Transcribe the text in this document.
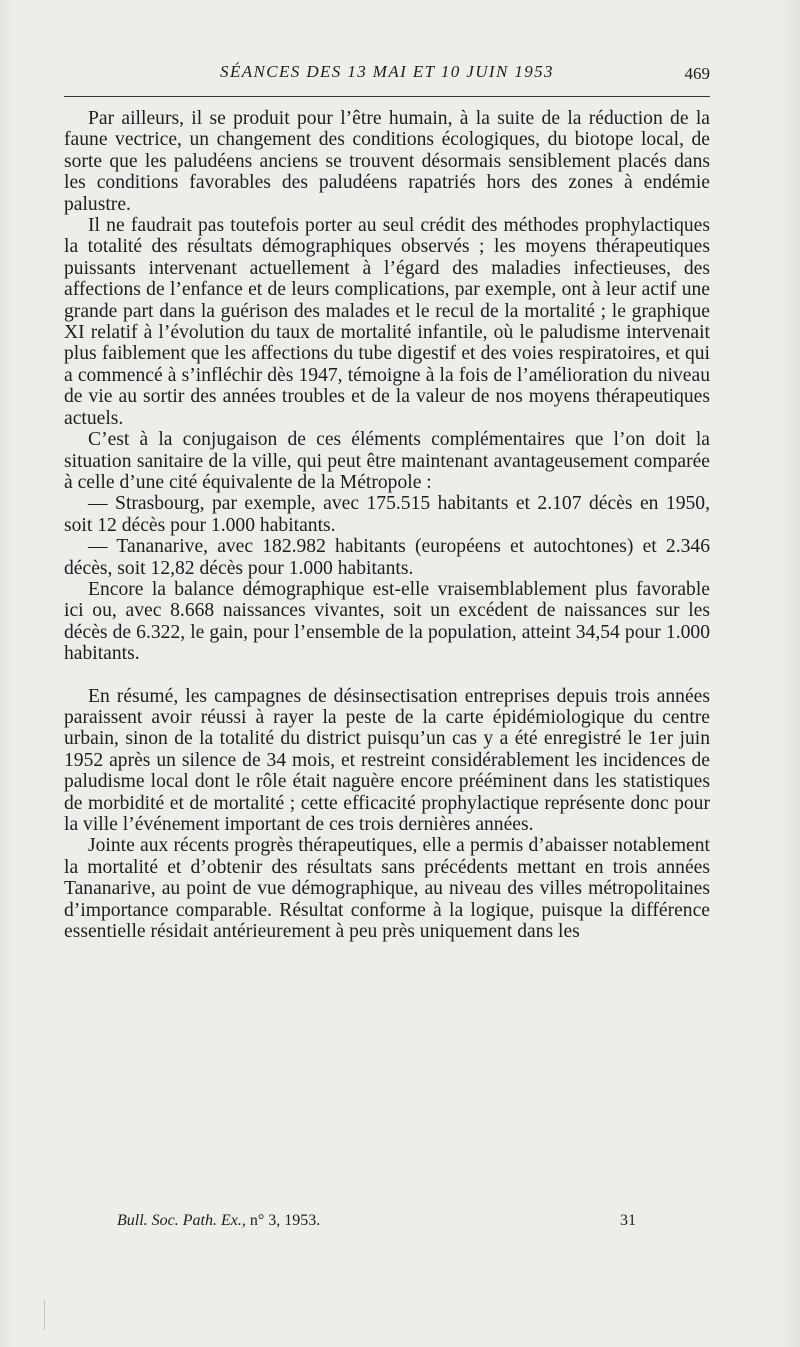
SÉANCES DES 13 MAI ET 10 JUIN 1953	469

Par ailleurs, il se produit pour l’être humain, à la suite de la réduction de la faune vectrice, un changement des conditions écologiques, du biotope local, de sorte que les paludéens anciens se trouvent désormais sensiblement placés dans les conditions favorables des paludéens rapatriés hors des zones à endémie palustre.

Il ne faudrait pas toutefois porter au seul crédit des méthodes prophylactiques la totalité des résultats démographiques observés ; les moyens thérapeutiques puissants intervenant actuellement à l’égard des maladies infectieuses, des affections de l’enfance et de leurs complications, par exemple, ont à leur actif une grande part dans la guérison des malades et le recul de la mortalité ; le graphique XI relatif à l’évolution du taux de mortalité infantile, où le paludisme intervenait plus faiblement que les affections du tube digestif et des voies respiratoires, et qui a commencé à s’infléchir dès 1947, témoigne à la fois de l’amélioration du niveau de vie au sortir des années troubles et de la valeur de nos moyens thérapeutiques actuels.

C’est à la conjugaison de ces éléments complémentaires que l’on doit la situation sanitaire de la ville, qui peut être maintenant avantageusement comparée à celle d’une cité équivalente de la Métropole :

— Strasbourg, par exemple, avec 175.515 habitants et 2.107 décès en 1950, soit 12 décès pour 1.000 habitants.

— Tananarive, avec 182.982 habitants (européens et autochtones) et 2.346 décès, soit 12,82 décès pour 1.000 habitants.

Encore la balance démographique est-elle vraisemblablement plus favorable ici ou, avec 8.668 naissances vivantes, soit un excédent de naissances sur les décès de 6.322, le gain, pour l’ensemble de la population, atteint 34,54 pour 1.000 habitants.

En résumé, les campagnes de désinsectisation entreprises depuis trois années paraissent avoir réussi à rayer la peste de la carte épidémiologique du centre urbain, sinon de la totalité du district puisqu’un cas y a été enregistré le 1er juin 1952 après un silence de 34 mois, et restreint considérablement les incidences de paludisme local dont le rôle était naguère encore prééminent dans les statistiques de morbidité et de mortalité ; cette efficacité prophylactique représente donc pour la ville l’événement important de ces trois dernières années.

Jointe aux récents progrès thérapeutiques, elle a permis d’abaisser notablement la mortalité et d’obtenir des résultats sans précédents mettant en trois années Tananarive, au point de vue démographique, au niveau des villes métropolitaines d’importance comparable. Résultat conforme à la logique, puisque la différence essentielle résidait antérieurement à peu près uniquement dans les

Bull. Soc. Path. Ex., n° 3, 1953.	31
